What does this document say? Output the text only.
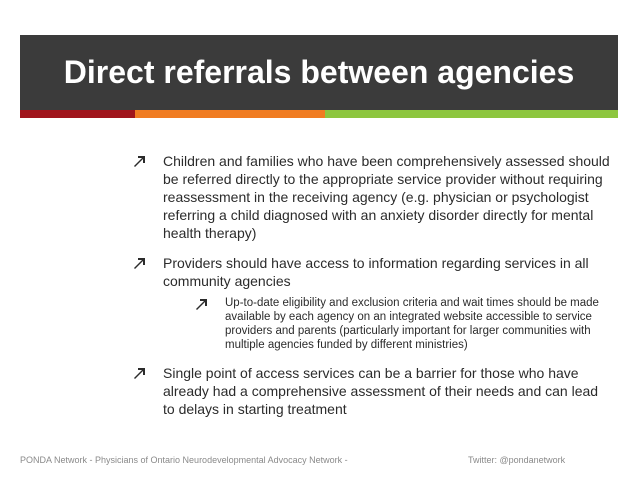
Direct referrals between agencies
Children and families who have been comprehensively assessed should be referred directly to the appropriate service provider without requiring reassessment in the receiving agency (e.g. physician or psychologist referring a child diagnosed with an anxiety disorder directly for mental health therapy)
Providers should have access to information regarding services in all community agencies
Up-to-date eligibility and exclusion criteria and wait times should be made available by each agency on an integrated website accessible to service providers and parents (particularly important for larger communities with multiple agencies funded by different ministries)
Single point of access services can be a barrier for those who have already had a comprehensive assessment of their needs and can lead to delays in starting treatment
PONDA Network - Physicians of Ontario Neurodevelopmental Advocacy Network -	Twitter: @pondanetwork
